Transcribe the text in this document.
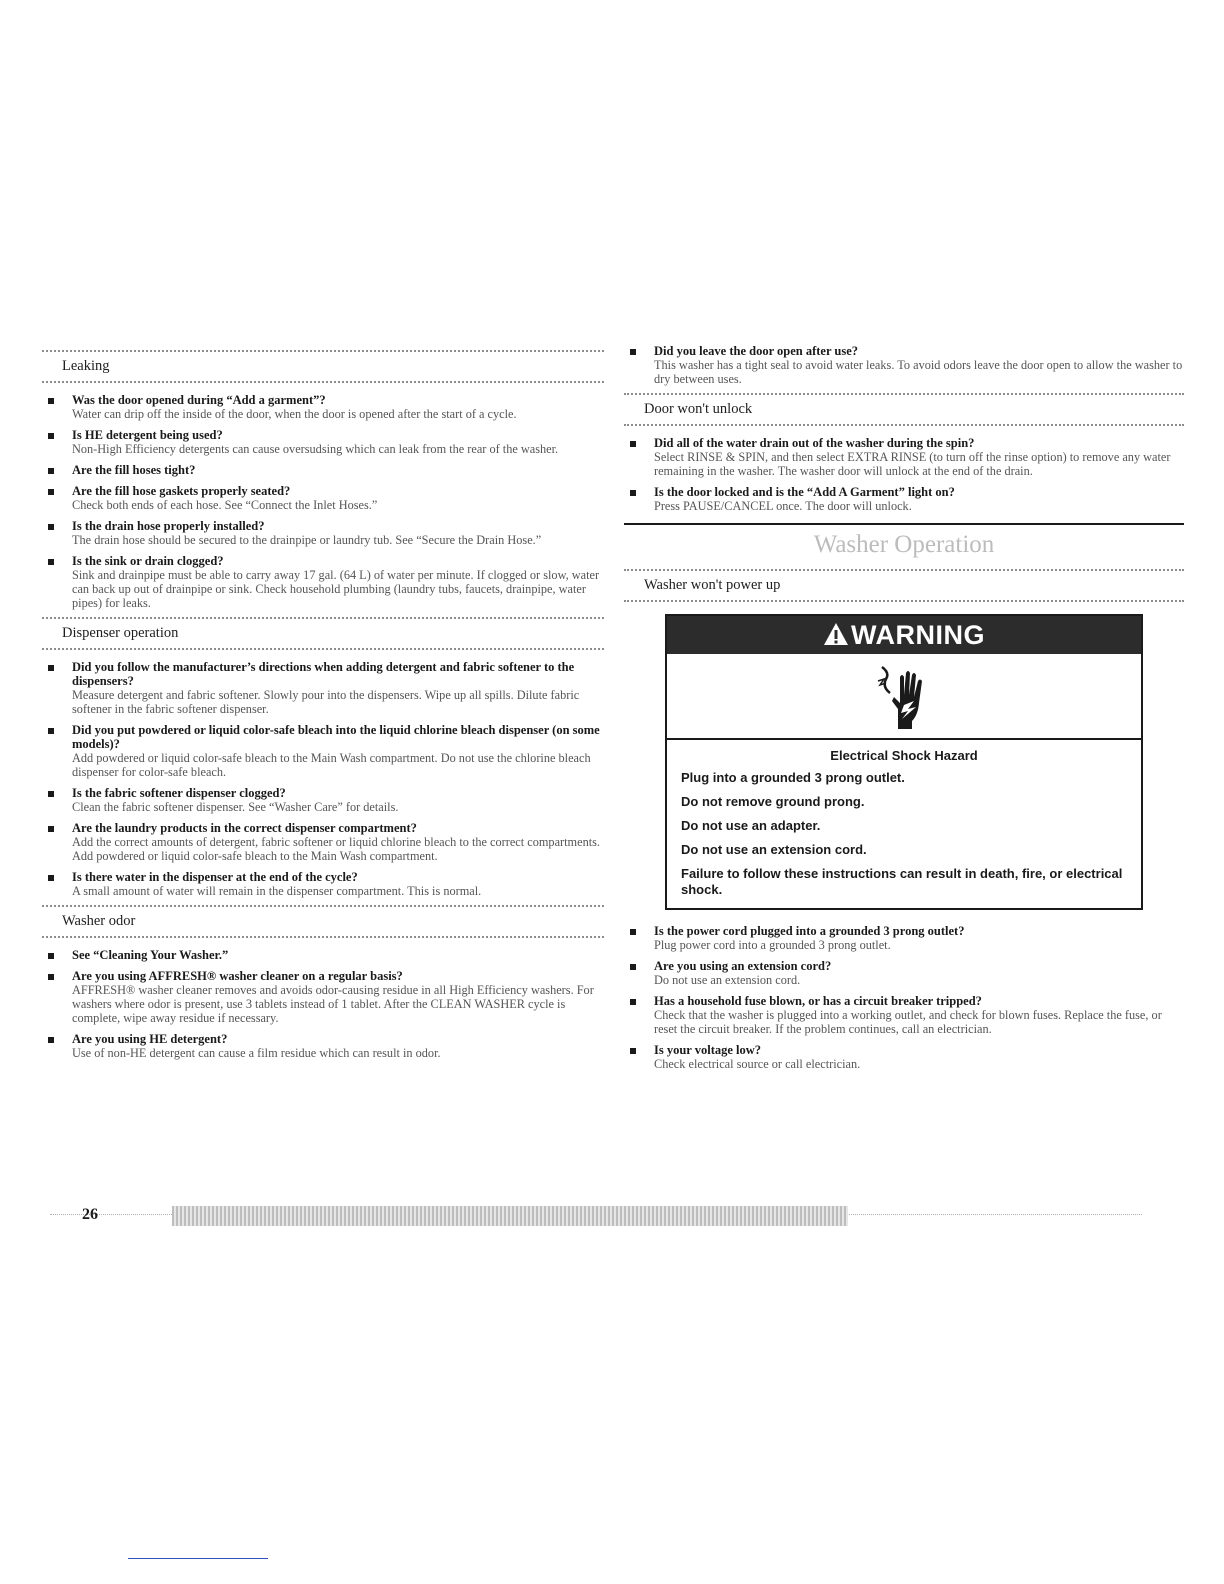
Leaking
Was the door opened during “Add a garment”?
Water can drip off the inside of the door, when the door is opened after the start of a cycle.
Is HE detergent being used?
Non-High Efficiency detergents can cause oversudsing which can leak from the rear of the washer.
Are the fill hoses tight?
Are the fill hose gaskets properly seated?
Check both ends of each hose. See “Connect the Inlet Hoses.”
Is the drain hose properly installed?
The drain hose should be secured to the drainpipe or laundry tub. See “Secure the Drain Hose.”
Is the sink or drain clogged?
Sink and drainpipe must be able to carry away 17 gal. (64 L) of water per minute. If clogged or slow, water can back up out of drainpipe or sink. Check household plumbing (laundry tubs, faucets, drainpipe, water pipes) for leaks.
Dispenser operation
Did you follow the manufacturer’s directions when adding detergent and fabric softener to the dispensers?
Measure detergent and fabric softener. Slowly pour into the dispensers. Wipe up all spills. Dilute fabric softener in the fabric softener dispenser.
Did you put powdered or liquid color-safe bleach into the liquid chlorine bleach dispenser (on some models)?
Add powdered or liquid color-safe bleach to the Main Wash compartment. Do not use the chlorine bleach dispenser for color-safe bleach.
Is the fabric softener dispenser clogged?
Clean the fabric softener dispenser. See “Washer Care” for details.
Are the laundry products in the correct dispenser compartment?
Add the correct amounts of detergent, fabric softener or liquid chlorine bleach to the correct compartments. Add powdered or liquid color-safe bleach to the Main Wash compartment.
Is there water in the dispenser at the end of the cycle?
A small amount of water will remain in the dispenser compartment. This is normal.
Washer odor
See “Cleaning Your Washer.”
Are you using AFFRESH® washer cleaner on a regular basis?
AFFRESH® washer cleaner removes and avoids odor-causing residue in all High Efficiency washers. For washers where odor is present, use 3 tablets instead of 1 tablet. After the CLEAN WASHER cycle is complete, wipe away residue if necessary.
Are you using HE detergent?
Use of non-HE detergent can cause a film residue which can result in odor.
Did you leave the door open after use?
This washer has a tight seal to avoid water leaks. To avoid odors leave the door open to allow the washer to dry between uses.
Door won't unlock
Did all of the water drain out of the washer during the spin?
Select RINSE & SPIN, and then select EXTRA RINSE (to turn off the rinse option) to remove any water remaining in the washer. The washer door will unlock at the end of the drain.
Is the door locked and is the “Add A Garment” light on?
Press PAUSE/CANCEL once. The door will unlock.
Washer Operation
Washer won't power up
WARNING
Electrical Shock Hazard
Plug into a grounded 3 prong outlet.
Do not remove ground prong.
Do not use an adapter.
Do not use an extension cord.
Failure to follow these instructions can result in death, fire, or electrical shock.
Is the power cord plugged into a grounded 3 prong outlet?
Plug power cord into a grounded 3 prong outlet.
Are you using an extension cord?
Do not use an extension cord.
Has a household fuse blown, or has a circuit breaker tripped?
Check that the washer is plugged into a working outlet, and check for blown fuses. Replace the fuse, or reset the circuit breaker. If the problem continues, call an electrician.
Is your voltage low?
Check electrical source or call electrician.
26
